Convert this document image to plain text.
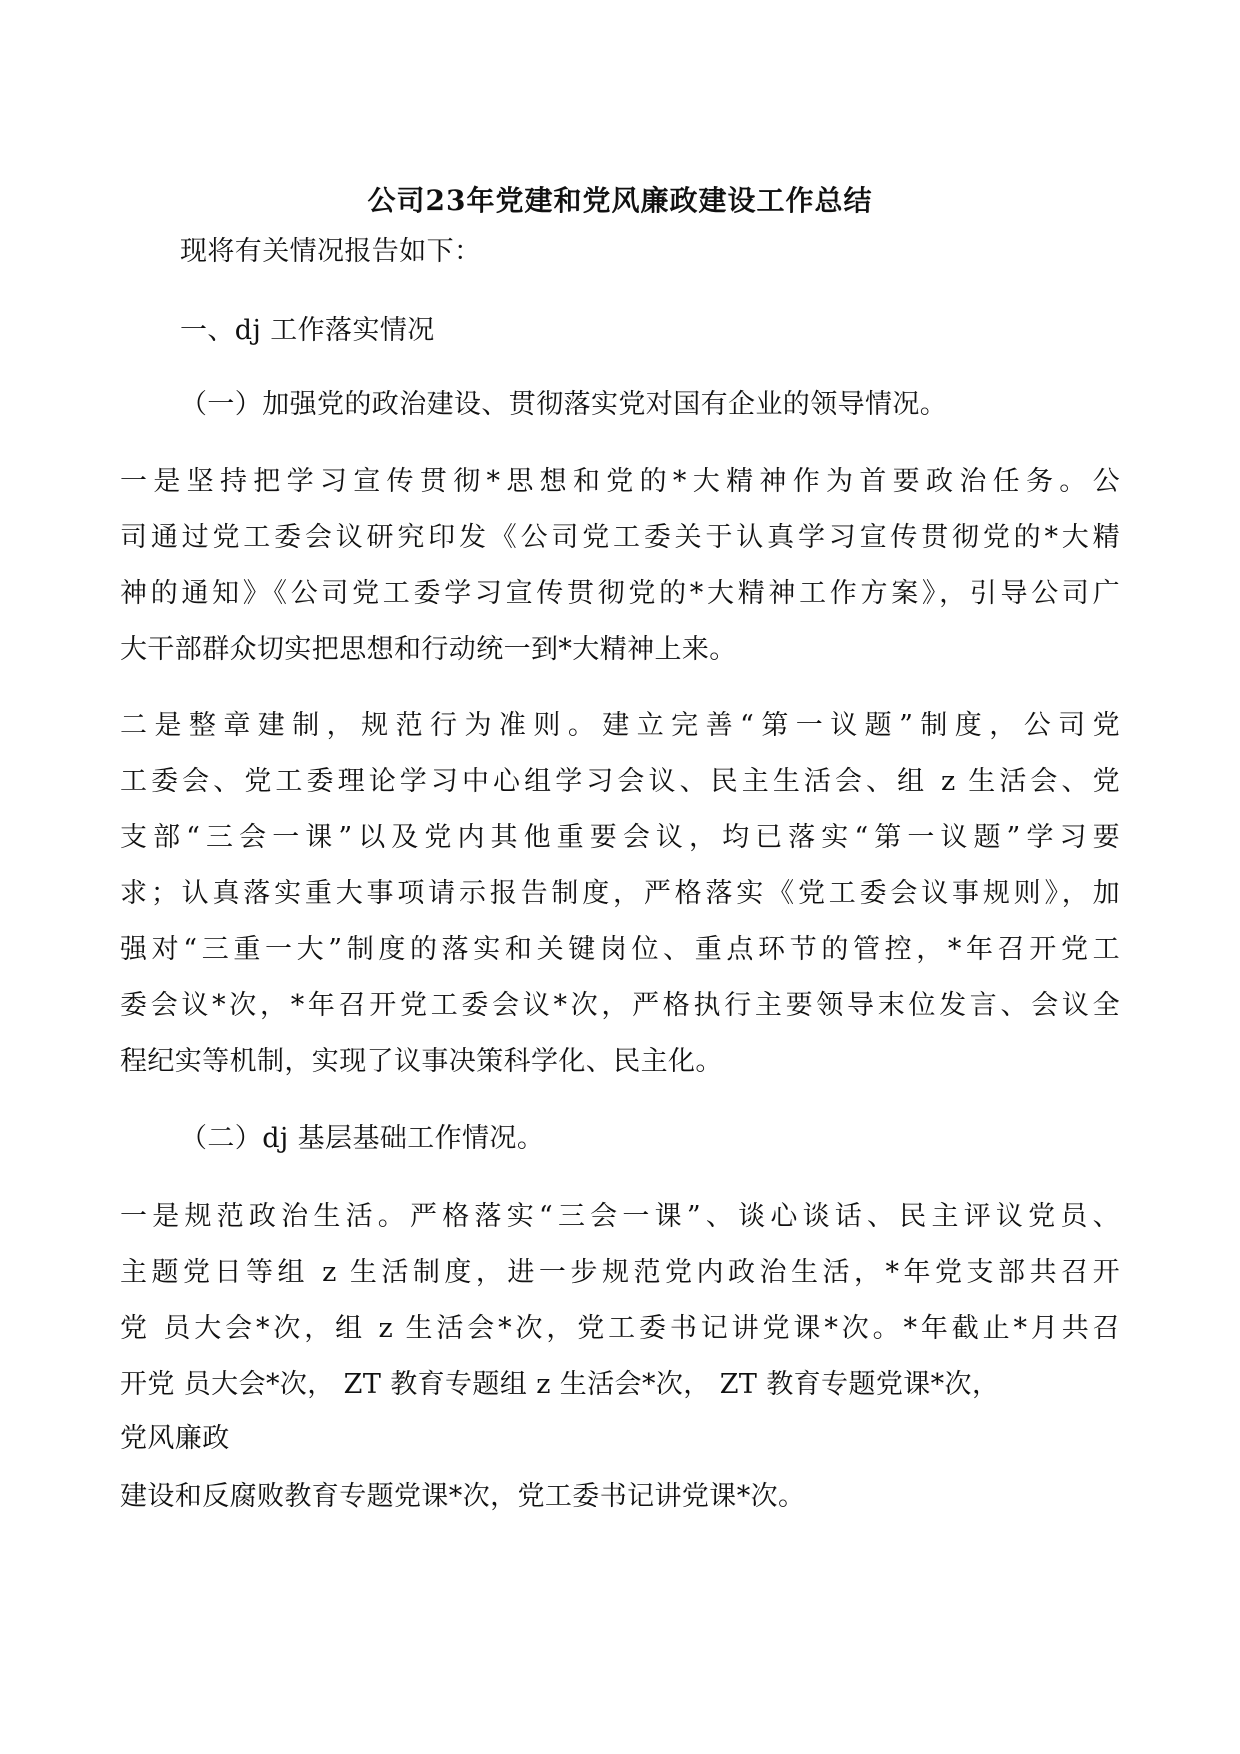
公司23年党建和党风廉政建设工作总结
现将有关情况报告如下：
一、dj 工作落实情况
（一）加强党的政治建设、贯彻落实党对国有企业的领导情况。
一是坚持把学习宣传贯彻*思想和党的*大精神作为首要政治任务。公
司通过党工委会议研究印发《公司党工委关于认真学习宣传贯彻党的*大精
神的通知》《公司党工委学习宣传贯彻党的*大精神工作方案》，引导公司广
大干部群众切实把思想和行动统一到*大精神上来。
二是整章建制，规范行为准则。建立完善“第一议题”制度，公司党
工委会、党工委理论学习中心组学习会议、民主生活会、组 z 生活会、党
支部“三会一课”以及党内其他重要会议，均已落实“第一议题”学习要
求；认真落实重大事项请示报告制度，严格落实《党工委会议事规则》，加
强对“三重一大”制度的落实和关键岗位、重点环节的管控，*年召开党工
委会议*次，*年召开党工委会议*次，严格执行主要领导末位发言、会议全
程纪实等机制，实现了议事决策科学化、民主化。
（二）dj 基层基础工作情况。
一是规范政治生活。严格落实“三会一课”、谈心谈话、民主评议党员、
主题党日等组 z 生活制度，进一步规范党内政治生活，*年党支部共召开
党 员大会*次，组 z 生活会*次，党工委书记讲党课*次。*年截止*月共召
开党 员大会*次， ZT 教育专题组 z 生活会*次， ZT 教育专题党课*次，
党风廉政
建设和反腐败教育专题党课*次，党工委书记讲党课*次。
